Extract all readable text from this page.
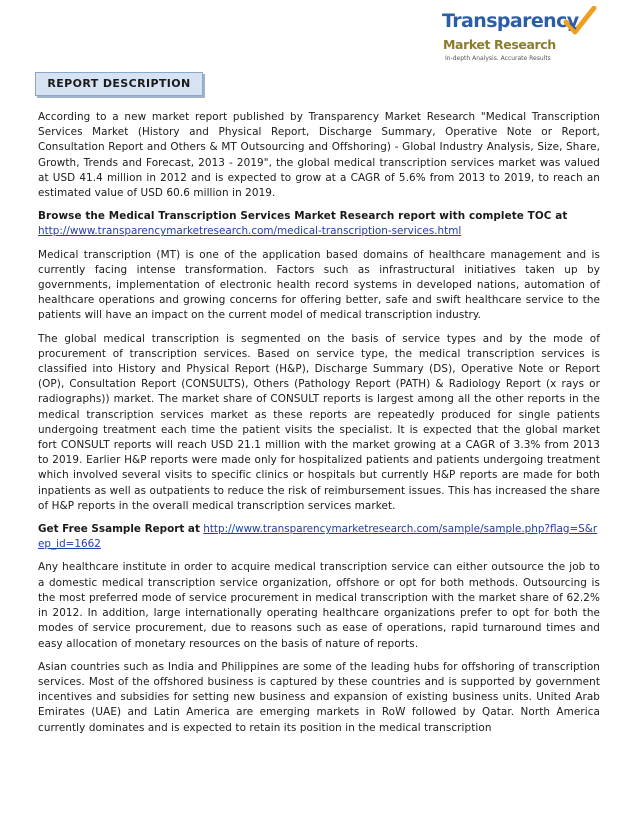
Transparency
Market Research
In-depth Analysis. Accurate Results
REPORT DESCRIPTION

According to a new market report published by Transparency Market Research "Medical Transcription Services Market (History and Physical Report, Discharge Summary, Operative Note or Report, Consultation Report and Others & MT Outsourcing and Offshoring) - Global Industry Analysis, Size, Share, Growth, Trends and Forecast, 2013 - 2019", the global medical transcription services market was valued at USD 41.4 million in 2012 and is expected to grow at a CAGR of 5.6% from 2013 to 2019, to reach an estimated value of USD 60.6 million in 2019.

Browse the Medical Transcription Services Market Research report with complete TOC at

http://www.transparencymarketresearch.com/medical-transcription-services.html

Medical transcription (MT) is one of the application based domains of healthcare management and is currently facing intense transformation. Factors such as infrastructural initiatives taken up by governments, implementation of electronic health record systems in developed nations, automation of healthcare operations and growing concerns for offering better, safe and swift healthcare service to the patients will have an impact on the current model of medical transcription industry.

The global medical transcription is segmented on the basis of service types and by the mode of procurement of transcription services. Based on service type, the medical transcription services is classified into History and Physical Report (H&P), Discharge Summary (DS), Operative Note or Report (OP), Consultation Report (CONSULTS), Others (Pathology Report (PATH) & Radiology Report (x rays or radiographs)) market. The market share of CONSULT reports is largest among all the other reports in the medical transcription services market as these reports are repeatedly produced for single patients undergoing treatment each time the patient visits the specialist. It is expected that the global market fort CONSULT reports will reach USD 21.1 million with the market growing at a CAGR of 3.3% from 2013 to 2019. Earlier H&P reports were made only for hospitalized patients and patients undergoing treatment which involved several visits to specific clinics or hospitals but currently H&P reports are made for both inpatients as well as outpatients to reduce the risk of reimbursement issues. This has increased the share of H&P reports in the overall medical transcription services market.

Get Free Ssample Report at http://www.transparencymarketresearch.com/sample/sample.php?flag=S&rep_id=1662

Any healthcare institute in order to acquire medical transcription service can either outsource the job to a domestic medical transcription service organization, offshore or opt for both methods. Outsourcing is the most preferred mode of service procurement in medical transcription with the market share of 62.2% in 2012. In addition, large internationally operating healthcare organizations prefer to opt for both the modes of service procurement, due to reasons such as ease of operations, rapid turnaround times and easy allocation of monetary resources on the basis of nature of reports.

Asian countries such as India and Philippines are some of the leading hubs for offshoring of transcription services. Most of the offshored business is captured by these countries and is supported by government incentives and subsidies for setting new business and expansion of existing business units. United Arab Emirates (UAE) and Latin America are emerging markets in RoW followed by Qatar. North America currently dominates and is expected to retain its position in the medical transcription
